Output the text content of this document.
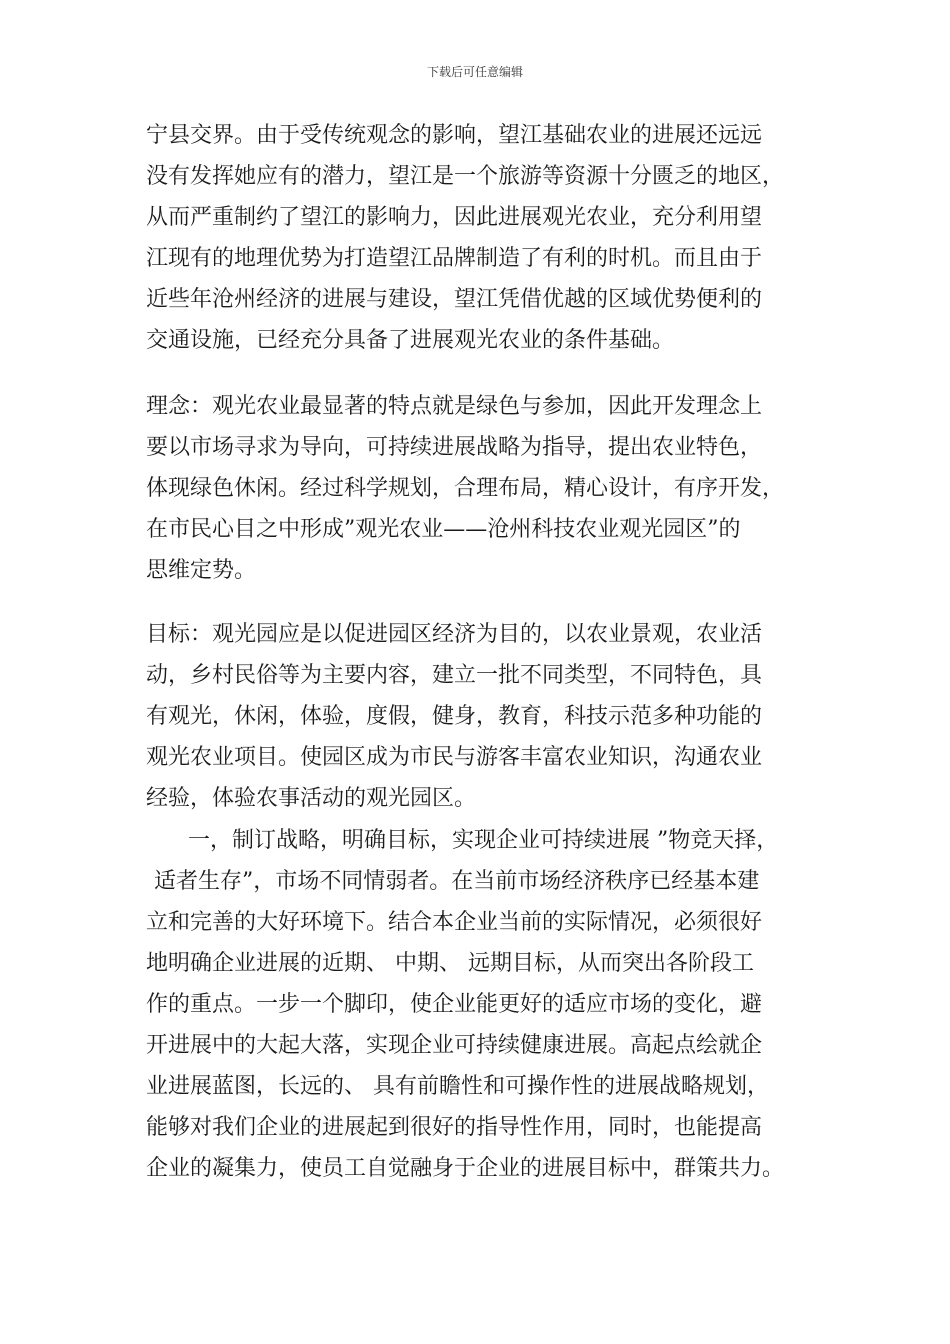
下载后可任意编辑
宁县交界。由于受传统观念的影响，望江基础农业的进展还远远
没有发挥她应有的潜力，望江是一个旅游等资源十分匮乏的地区，
从而严重制约了望江的影响力，因此进展观光农业，充分利用望
江现有的地理优势为打造望江品牌制造了有利的时机。而且由于
近些年沧州经济的进展与建设，望江凭借优越的区域优势便利的
交通设施，已经充分具备了进展观光农业的条件基础。
理念：观光农业最显著的特点就是绿色与参加，因此开发理念上
要以市场寻求为导向，可持续进展战略为指导，提出农业特色，
体现绿色休闲。经过科学规划，合理布局，精心设计，有序开发，
在市民心目之中形成”观光农业——沧州科技农业观光园区”的
思维定势。
目标：观光园应是以促进园区经济为目的，以农业景观，农业活
动，乡村民俗等为主要内容，建立一批不同类型，不同特色，具
有观光，休闲，体验，度假，健身，教育，科技示范多种功能的
观光农业项目。使园区成为市民与游客丰富农业知识，沟通农业
经验，体验农事活动的观光园区。
一，制订战略，明确目标，实现企业可持续进展 ”物竞天择，
适者生存”，市场不同情弱者。在当前市场经济秩序已经基本建
立和完善的大好环境下。结合本企业当前的实际情况，必须很好
地明确企业进展的近期、 中期、 远期目标，从而突出各阶段工
作的重点。一步一个脚印，使企业能更好的适应市场的变化，避
开进展中的大起大落，实现企业可持续健康进展。高起点绘就企
业进展蓝图，长远的、 具有前瞻性和可操作性的进展战略规划，
能够对我们企业的进展起到很好的指导性作用，同时，也能提高
企业的凝集力，使员工自觉融身于企业的进展目标中，群策共力。
